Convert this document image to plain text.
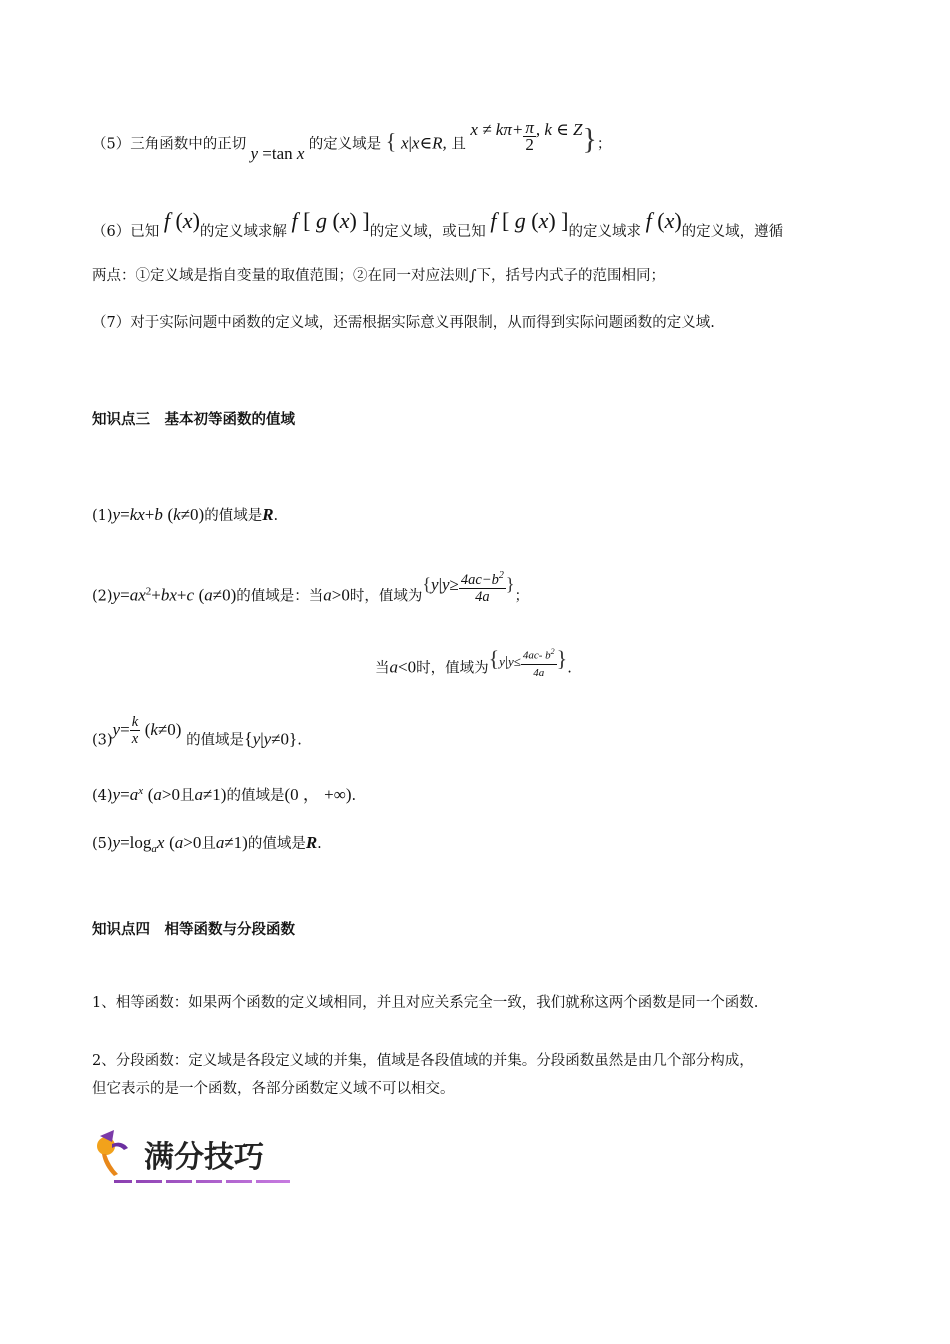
（5）三角函数中的正切 y =tan x 的定义域是 { x|x∈R, 且 $x \ne k\pi+ \frac{\pi}{2}$ , k ∈ Z}；
（6）已知 f (x)的定义域求解 f [ g (x) ]的定义域，或已知 f [ g (x) ]的定义域求 f (x)的定义域，遵循
两点：①定义域是指自变量的取值范围；②在同一对应法则∫下，括号内式子的范围相同；
（7）对于实际问题中函数的定义域，还需根据实际意义再限制，从而得到实际问题函数的定义域.
知识点三　基本初等函数的值域
(1)y=kx+b (k≠0)的值域是R.
$(2)y=ax^2+bx+c$ (a≠0)的值域是：当a>0时，值域为{$y|y\ge \frac{4ac-b^2}{4a}$ }；
当a<0时，值域为{$y|y\le \frac{4ac- b^2}{4a}$ }.
$(3)y= \frac{k}{x} (k\ne 0)$ 的值域是{y|y≠0}.
$(4)y=a^x$ (a>0且a≠1)的值域是(0 ， +∞).
$(5)y=\log_ax$ (a>0且a≠1)的值域是R.
知识点四　相等函数与分段函数
1、相等函数：如果两个函数的定义域相同，并且对应关系完全一致，我们就称这两个函数是同一个函数.
2、分段函数：定义域是各段定义域的并集，值域是各段值域的并集。分段函数虽然是由几个部分构成，
但它表示的是一个函数，各部分函数定义域不可以相交。
满分技巧
